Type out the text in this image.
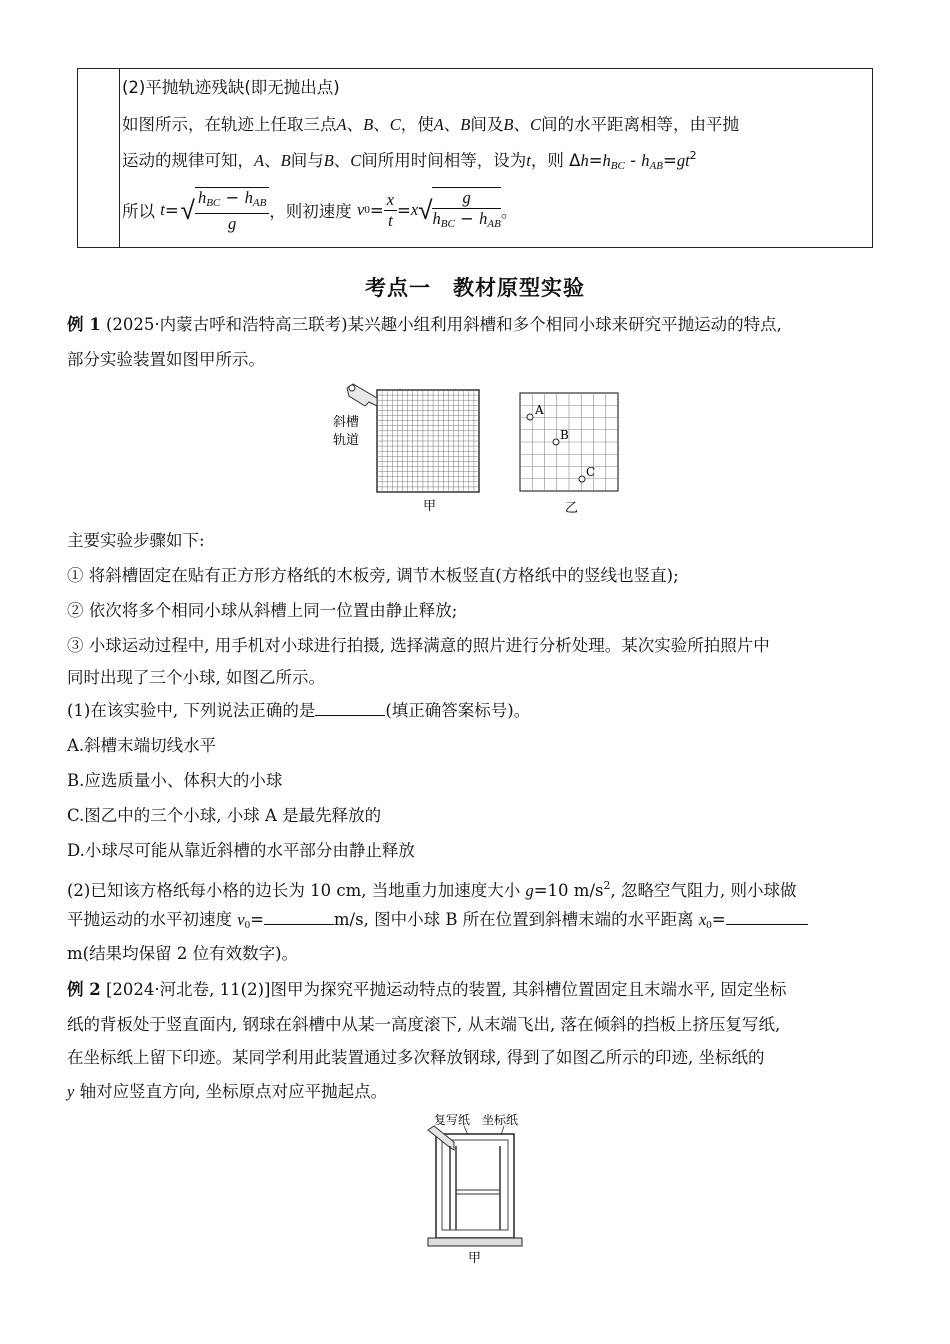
(2)平抛轨迹残缺(即无抛出点)
如图所示，在轨迹上任取三点A、B、C，使A、B间及B、C间的水平距离相等，由平抛
运动的规律可知，A、B间与B、C间所用时间相等，设为t，则 $\Delta h=h_{BC} - h_{AB}=gt^2$
所以
t = √ $\frac{h_{BC} - h_{AB}}{g}$ ，则初速度
v $0 = \frac{x}{t} = x$ √ $\frac{g}{h_{BC} - h_{AB}}$ 。
考点一　教材原型实验
例 1 (2025·内蒙古呼和浩特高三联考)某兴趣小组利用斜槽和多个相同小球来研究平抛运动的特点,
部分实验装置如图甲所示。
斜槽
轨道
甲
A
B
C
乙
主要实验步骤如下:
① 将斜槽固定在贴有正方形方格纸的木板旁, 调节木板竖直(方格纸中的竖线也竖直);
② 依次将多个相同小球从斜槽上同一位置由静止释放;
③ 小球运动过程中, 用手机对小球进行拍摄, 选择满意的照片进行分析处理。某次实验所拍照片中
同时出现了三个小球, 如图乙所示。
(1)在该实验中, 下列说法正确的是	(填正确答案标号)。
A.斜槽末端切线水平
B.应选质量小、体积大的小球
C.图乙中的三个小球, 小球 A 是最先释放的
D.小球尽可能从靠近斜槽的水平部分由静止释放
(2)已知该方格纸每小格的边长为 10 cm, 当地重力加速度大小 g=10 $m/s^2$, 忽略空气阻力, 则小球做
平抛运动的水平初速度 $v_0=$	m/s, 图中小球 B 所在位置到斜槽末端的水平距离 $x_0=$
m(结果均保留 2 位有效数字)。
例 2 [2024·河北卷, 11(2)]图甲为探究平抛运动特点的装置, 其斜槽位置固定且末端水平, 固定坐标
纸的背板处于竖直面内, 钢球在斜槽中从某一高度滚下, 从末端飞出, 落在倾斜的挡板上挤压复写纸,
在坐标纸上留下印迹。某同学利用此装置通过多次释放钢球, 得到了如图乙所示的印迹, 坐标纸的
y 轴对应竖直方向, 坐标原点对应平抛起点。
复写纸 坐标纸
甲
